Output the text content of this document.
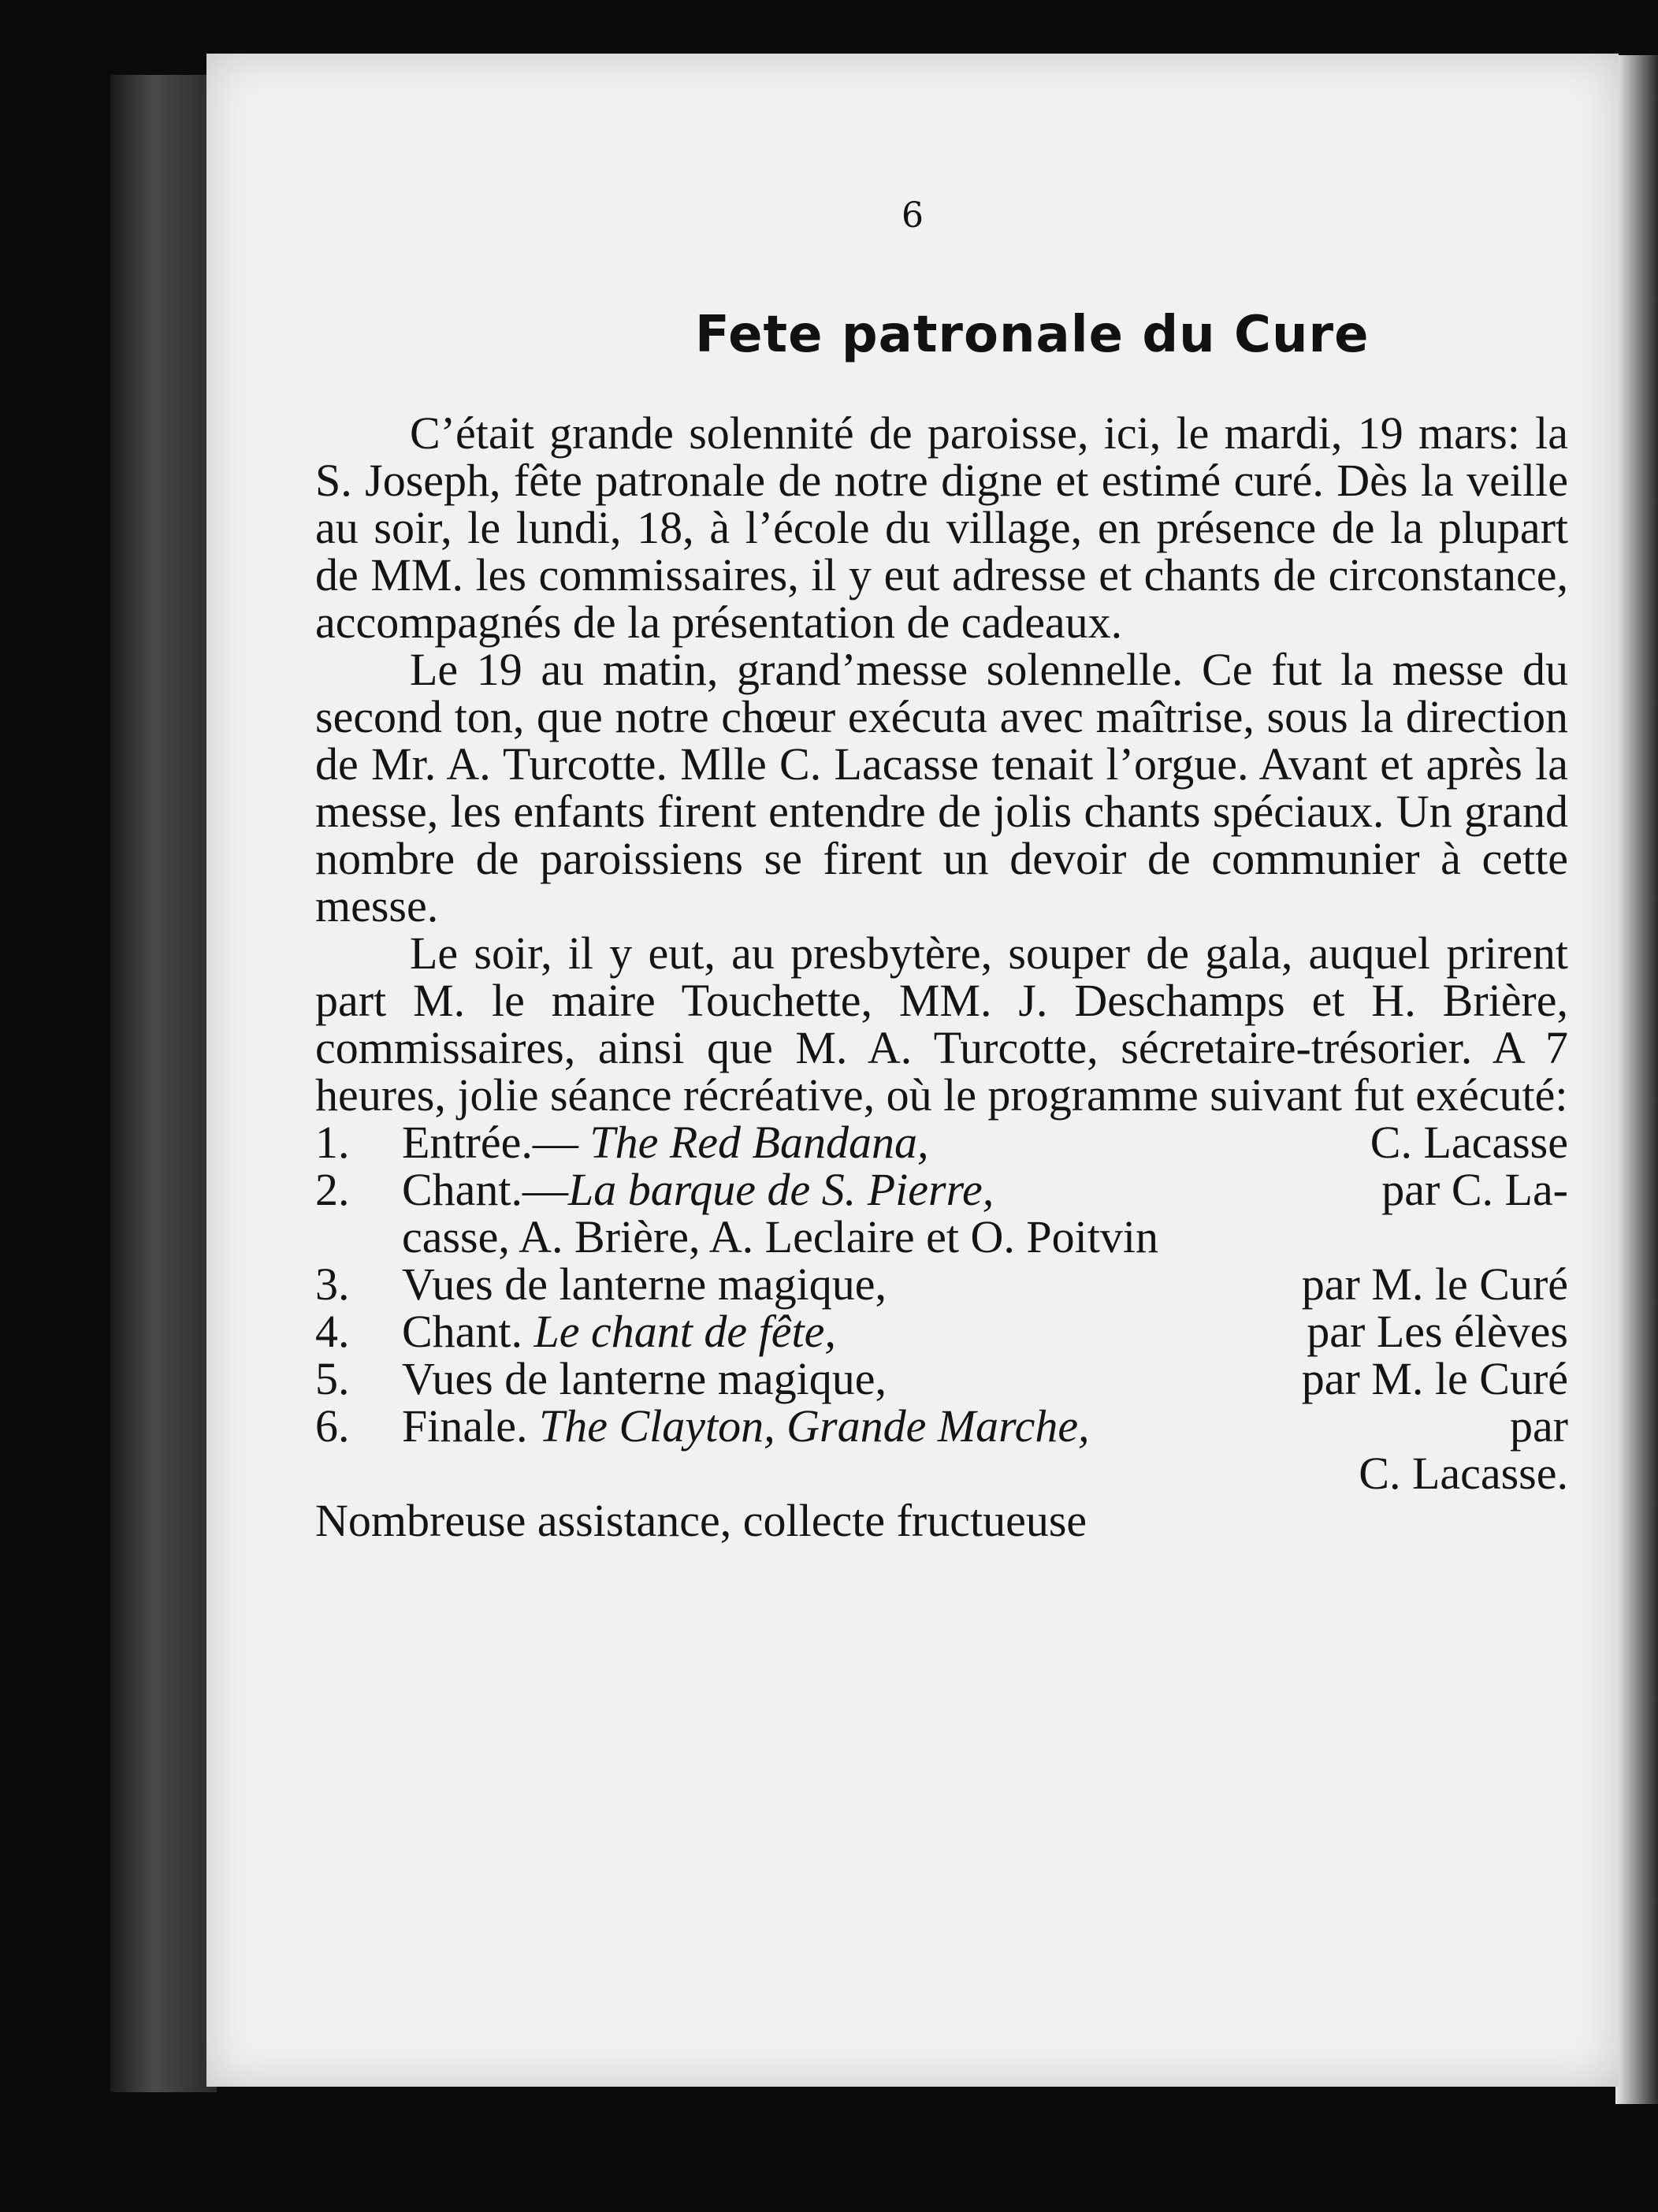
6
Fete patronale du Cure

C’était grande solennité de paroisse, ici, le mardi, 19 mars: la S. Joseph, fête patronale de notre digne et estimé curé. Dès la veille au soir, le lundi, 18, à l’école du village, en présence de la plupart de MM. les commissaires, il y eut adresse et chants de circonstance, accompagnés de la présentation de cadeaux.

Le 19 au matin, grand’messe solennelle. Ce fut la messe du second ton, que notre chœur exécuta avec maîtrise, sous la direction de Mr. A. Turcotte. Mlle C. Lacasse tenait l’orgue. Avant et après la messe, les enfants firent entendre de jolis chants spéciaux. Un grand nombre de paroissiens se firent un devoir de communier à cette messe.

Le soir, il y eut, au presbytère, souper de gala, auquel prirent part M. le maire Touchette, MM. J. Deschamps et H. Brière, commissaires, ainsi que M. A. Turcotte, sécretaire-trésorier. A 7 heures, jolie séance récréative, où le programme suivant fut exécuté:

1.	Entrée.— The Red Bandana,	C. Lacasse
2.	Chant.—La barque de S. Pierre,	par C. La-
casse, A. Brière, A. Leclaire et O. Poitvin
3.	Vues de lanterne magique,	par M. le Curé
4.	Chant. Le chant de fête,	par Les élèves
5.	Vues de lanterne magique,	par M. le Curé
6.	Finale. The Clayton, Grande Marche,	par
C. Lacasse.

Nombreuse assistance, collecte fructueuse
